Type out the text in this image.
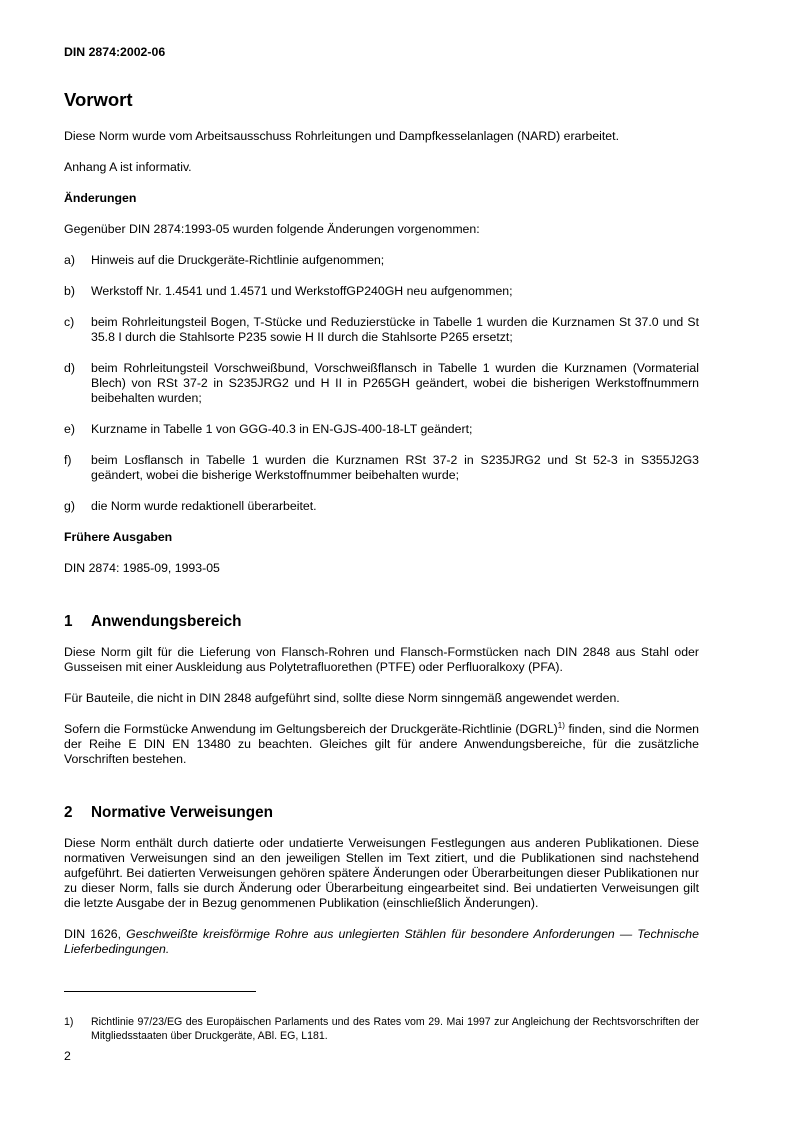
DIN 2874:2002-06
Vorwort

Diese Norm wurde vom Arbeitsausschuss Rohrleitungen und Dampfkesselanlagen (NARD) erarbeitet.

Anhang A ist informativ.

Änderungen

Gegenüber DIN 2874:1993-05 wurden folgende Änderungen vorgenommen:

a) Hinweis auf die Druckgeräte-Richtlinie aufgenommen;
b) Werkstoff Nr. 1.4541 und 1.4571 und WerkstoffGP240GH neu aufgenommen;
c) beim Rohrleitungsteil Bogen, T-Stücke und Reduzierstücke in Tabelle 1 wurden die Kurznamen St 37.0 und St 35.8 I durch die Stahlsorte P235 sowie H II durch die Stahlsorte P265 ersetzt;
d) beim Rohrleitungsteil Vorschweißbund, Vorschweißflansch in Tabelle 1 wurden die Kurznamen (Vormaterial Blech) von RSt 37-2 in S235JRG2 und H II in P265GH geändert, wobei die bisherigen Werkstoffnummern beibehalten wurden;
e) Kurzname in Tabelle 1 von GGG-40.3 in EN-GJS-400-18-LT geändert;
f) beim Losflansch in Tabelle 1 wurden die Kurznamen RSt 37-2 in S235JRG2 und St 52-3 in S355J2G3 geändert, wobei die bisherige Werkstoffnummer beibehalten wurde;
g) die Norm wurde redaktionell überarbeitet.
Frühere Ausgaben

DIN 2874: 1985-09, 1993-05

1 Anwendungsbereich

Diese Norm gilt für die Lieferung von Flansch-Rohren und Flansch-Formstücken nach DIN 2848 aus Stahl oder Gusseisen mit einer Auskleidung aus Polytetrafluorethen (PTFE) oder Perfluoralkoxy (PFA).

Für Bauteile, die nicht in DIN 2848 aufgeführt sind, sollte diese Norm sinngemäß angewendet werden.

Sofern die Formstücke Anwendung im Geltungsbereich der Druckgeräte-Richtlinie (DGRL)$^{1)}$ finden, sind die Normen der Reihe E DIN EN 13480 zu beachten. Gleiches gilt für andere Anwendungsbereiche, für die zusätzliche Vorschriften bestehen.

2 Normative Verweisungen

Diese Norm enthält durch datierte oder undatierte Verweisungen Festlegungen aus anderen Publikationen. Diese normativen Verweisungen sind an den jeweiligen Stellen im Text zitiert, und die Publikationen sind nachstehend aufgeführt. Bei datierten Verweisungen gehören spätere Änderungen oder Überarbeitungen dieser Publikationen nur zu dieser Norm, falls sie durch Änderung oder Überarbeitung eingearbeitet sind. Bei undatierten Verweisungen gilt die letzte Ausgabe der in Bezug genommenen Publikation (einschließlich Änderungen).

DIN 1626, Geschweißte kreisförmige Rohre aus unlegierten Stählen für besondere Anforderungen — Technische Lieferbedingungen.

1)	Richtlinie 97/23/EG des Europäischen Parlaments und des Rates vom 29. Mai 1997 zur Angleichung der Rechtsvorschriften der Mitgliedsstaaten über Druckgeräte, ABl. EG, L181.
2
